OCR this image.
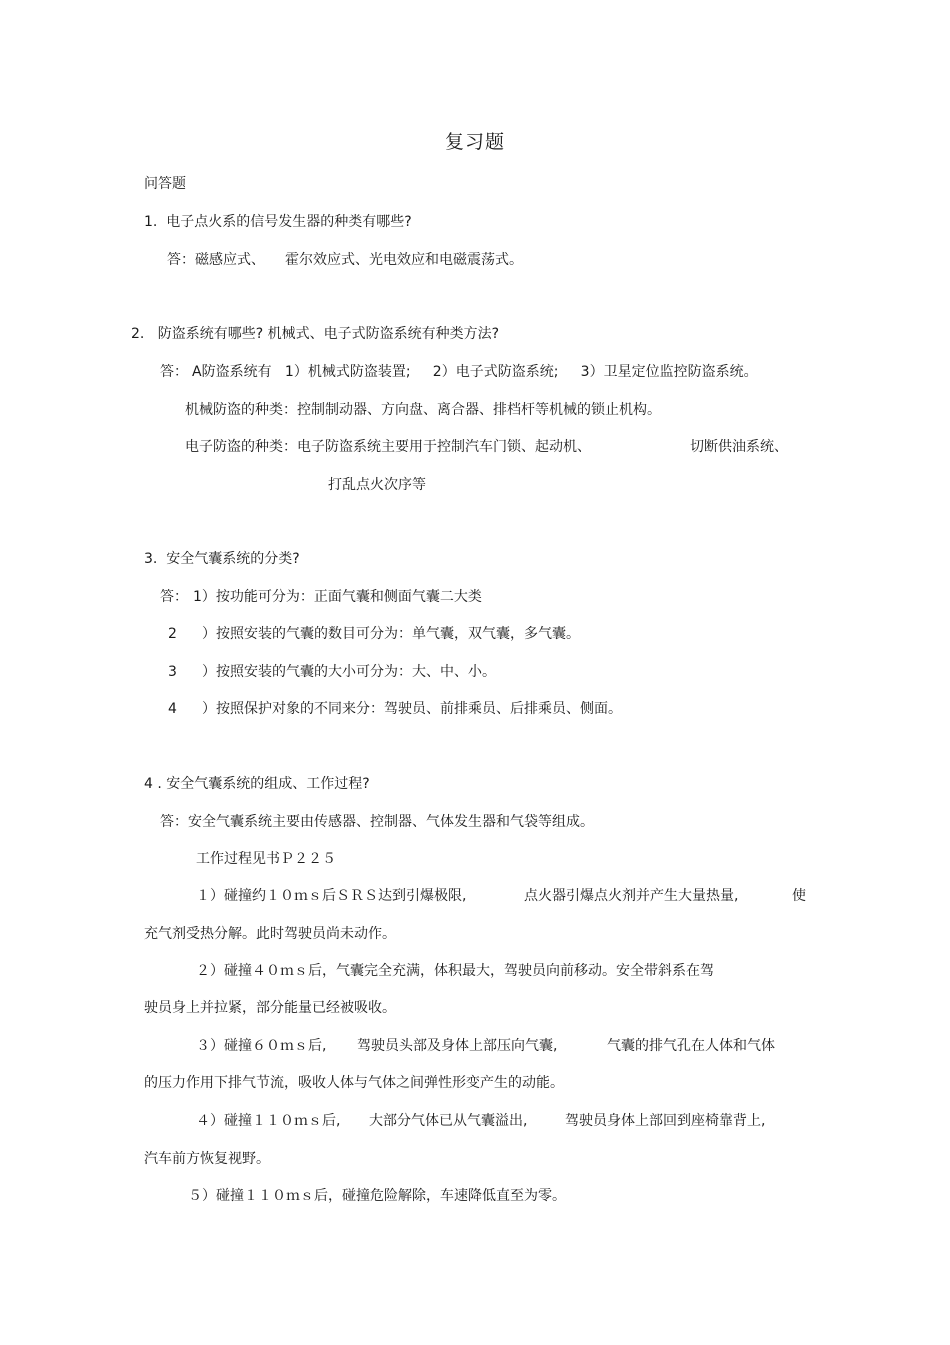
复习题
问答题
1.  电子点火系的信号发生器的种类有哪些?
答：磁感应式、 霍尔效应式、光电效应和电磁震荡式。
2.   防盗系统有哪些? 机械式、电子式防盗系统有种类方法?
答： A防盗系统有   1）机械式防盗装置;     2）电子式防盗系统;     3）卫星定位监控防盗系统。
机械防盗的种类：控制制动器、方向盘、离合器、排档杆等机械的锁止机构。
电子防盗的种类：电子防盗系统主要用于控制汽车门锁、起动机、	切断供油系统、
打乱点火次序等
3.  安全气囊系统的分类?
答： 1）按功能可分为：正面气囊和侧面气囊二大类
2 ）按照安装的气囊的数目可分为：单气囊，双气囊，多气囊。
3 ）按照安装的气囊的大小可分为：大、中、小。
4 ）按照保护对象的不同来分：驾驶员、前排乘员、后排乘员、侧面。
4 . 安全气囊系统的组成、工作过程?
答：安全气囊系统主要由传感器、控制器、气体发生器和气袋等组成。
工作过程见书Ｐ２２５
１）碰撞约１０ｍｓ后ＳＲＳ达到引爆极限,	点火器引爆点火剂并产生大量热量,	使
充气剂受热分解。此时驾驶员尚未动作。
２）碰撞４０ｍｓ后，气囊完全充满，体积最大，驾驶员向前移动。安全带斜系在驾
驶员身上并拉紧，部分能量已经被吸收。
３）碰撞６０ｍｓ后, 驾驶员头部及身体上部压向气囊,	气囊的排气孔在人体和气体
的压力作用下排气节流，吸收人体与气体之间弹性形变产生的动能。
４）碰撞１１０ｍｓ后, 大部分气体已从气囊溢出,	驾驶员身体上部回到座椅靠背上,
汽车前方恢复视野。
５）碰撞１１０ｍｓ后，碰撞危险解除，车速降低直至为零。
